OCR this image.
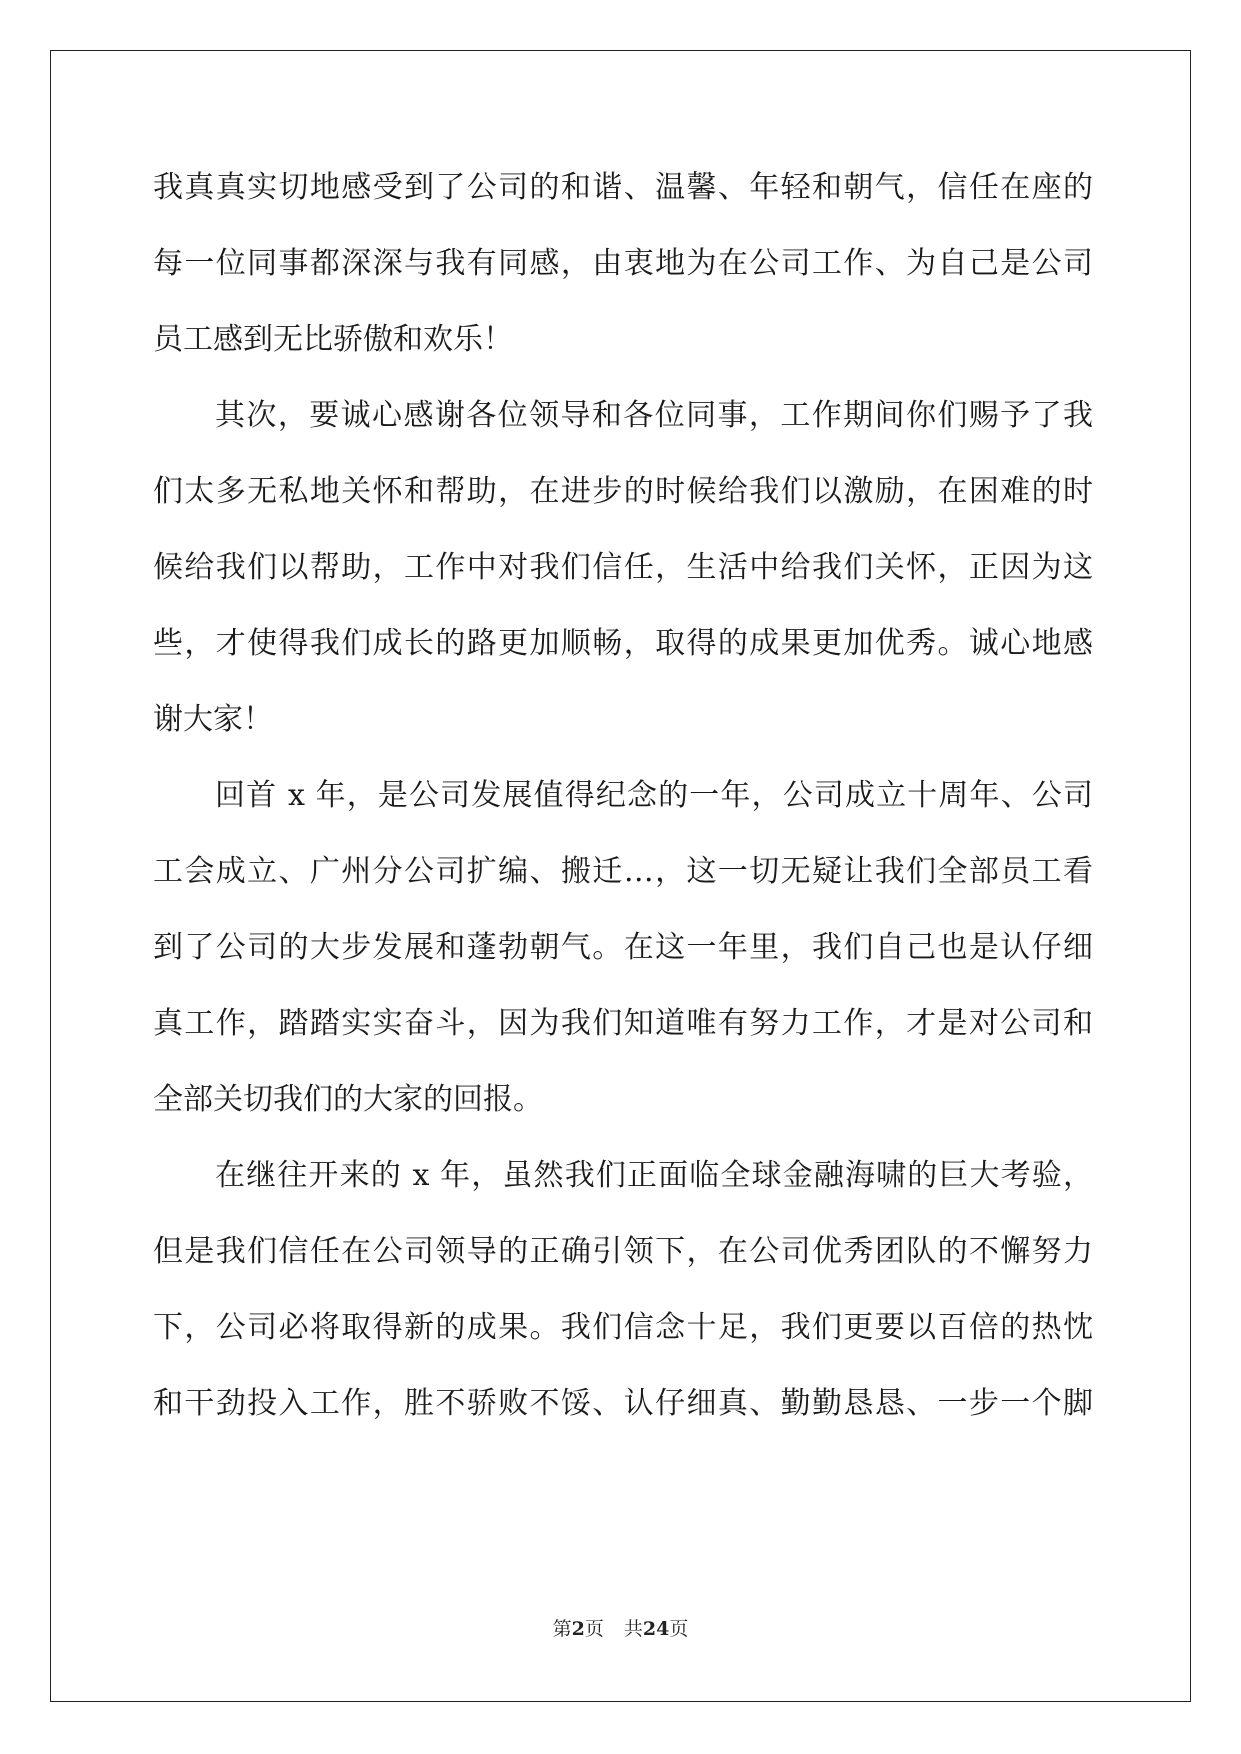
我真真实切地感受到了公司的和谐、温馨、年轻和朝气，信任在座的
每一位同事都深深与我有同感，由衷地为在公司工作、为自己是公司
员工感到无比骄傲和欢乐！
其次，要诚心感谢各位领导和各位同事，工作期间你们赐予了我
们太多无私地关怀和帮助，在进步的时候给我们以激励，在困难的时
候给我们以帮助，工作中对我们信任，生活中给我们关怀，正因为这
些，才使得我们成长的路更加顺畅，取得的成果更加优秀。诚心地感
谢大家！
回首 x 年，是公司发展值得纪念的一年，公司成立十周年、公司
工会成立、广州分公司扩编、搬迁…，这一切无疑让我们全部员工看
到了公司的大步发展和蓬勃朝气。在这一年里，我们自己也是认仔细
真工作，踏踏实实奋斗，因为我们知道唯有努力工作，才是对公司和
全部关切我们的大家的回报。
在继往开来的 x 年，虽然我们正面临全球金融海啸的巨大考验，
但是我们信任在公司领导的正确引领下，在公司优秀团队的不懈努力
下，公司必将取得新的成果。我们信念十足，我们更要以百倍的热忱
和干劲投入工作，胜不骄败不馁、认仔细真、勤勤恳恳、一步一个脚
第2页 共24页
